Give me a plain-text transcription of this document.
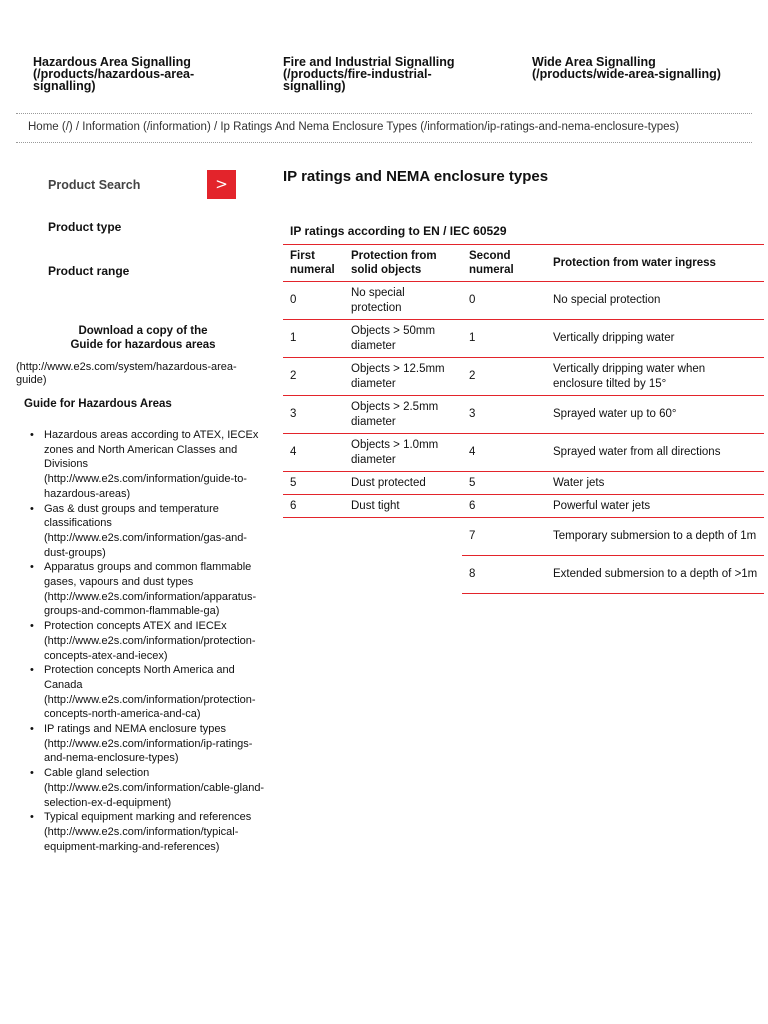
Hazardous Area Signalling (/products/hazardous-area-signalling)
Fire and Industrial Signalling (/products/fire-industrial-signalling)
Wide Area Signalling (/products/wide-area-signalling)
Home (/) / Information (/information) / Ip Ratings And Nema Enclosure Types (/information/ip-ratings-and-nema-enclosure-types)
Product Search	>
Product type
Product range
Download a copy of the
Guide for hazardous areas
(http://www.e2s.com/system/hazardous-area-guide)
Guide for Hazardous Areas
• Hazardous areas according to ATEX, IECEx zones and North American Classes and Divisions
(http://www.e2s.com/information/guide-to-hazardous-areas)
• Gas & dust groups and temperature classifications
(http://www.e2s.com/information/gas-and-dust-groups)
• Apparatus groups and common flammable gases, vapours and dust types
(http://www.e2s.com/information/apparatus-groups-and-common-flammable-ga)
• Protection concepts ATEX and IECEx
(http://www.e2s.com/information/protection-concepts-atex-and-iecex)
• Protection concepts North America and Canada
(http://www.e2s.com/information/protection-concepts-north-america-and-ca)
• IP ratings and NEMA enclosure types
(http://www.e2s.com/information/ip-ratings-and-nema-enclosure-types)
• Cable gland selection
(http://www.e2s.com/information/cable-gland-selection-ex-d-equipment)
• Typical equipment marking and references
(http://www.e2s.com/information/typical-equipment-marking-and-references)
IP ratings and NEMA enclosure types
IP ratings according to EN / IEC 60529
First numeral	Protection from solid objects	Second numeral	Protection from water ingress
0	No special protection	0	No special protection
1	Objects > 50mm diameter	1	Vertically dripping water
2	Objects > 12.5mm diameter	2	Vertically dripping water when enclosure tilted by 15°
3	Objects > 2.5mm diameter	3	Sprayed water up to 60°
4	Objects > 1.0mm diameter	4	Sprayed water from all directions
5	Dust protected	5	Water jets
6	Dust tight	6	Powerful water jets
		7	Temporary submersion to a depth of 1m
		8	Extended submersion to a depth of >1m
